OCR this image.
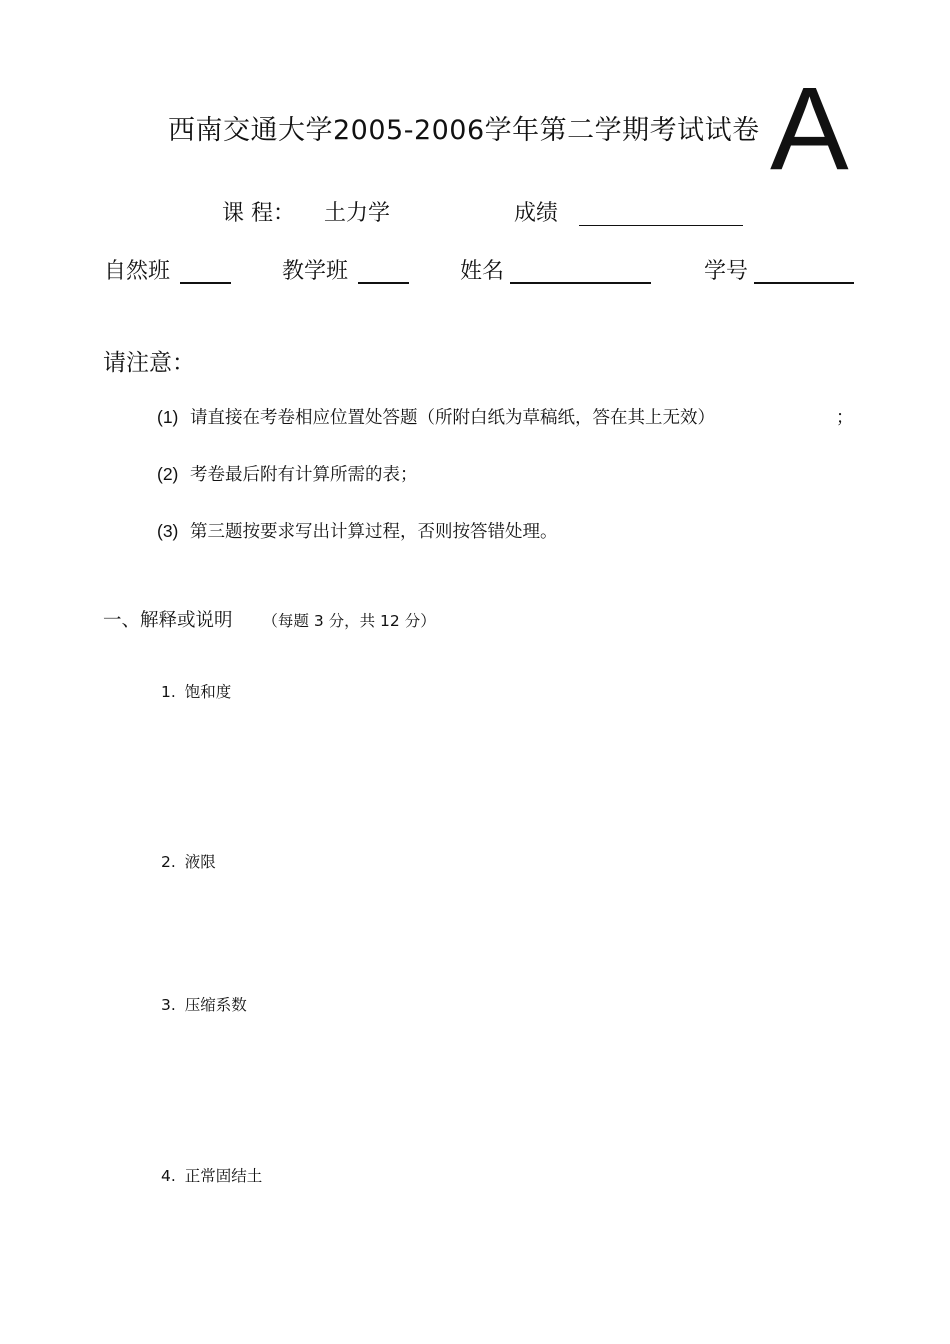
西南交通大学2005-2006学年第二学期考试试卷 A
课 程： 土力学	成绩
自然班	教学班	姓名	学号
请注意：
(1) 请直接在考卷相应位置处答题（所附白纸为草稿纸，答在其上无效）	；
(2) 考卷最后附有计算所需的表；
(3) 第三题按要求写出计算过程，否则按答错处理。
一、解释或说明 （每题 3 分，共 12 分）
1. 饱和度
2. 液限
3. 压缩系数
4. 正常固结土
